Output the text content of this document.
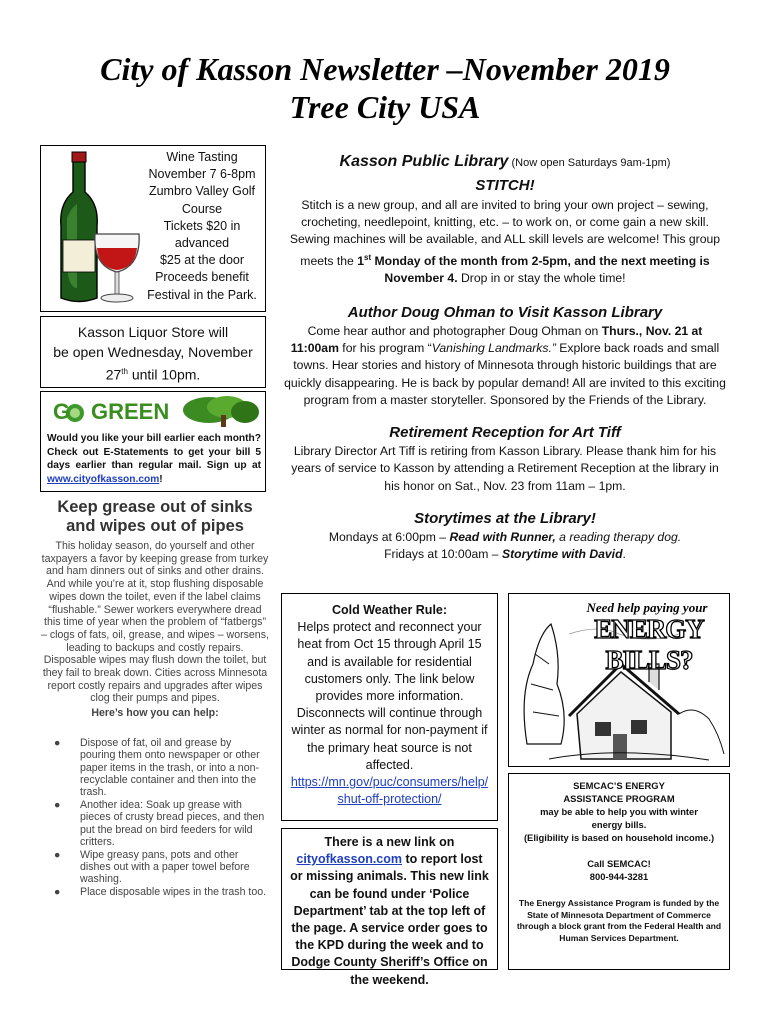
City of Kasson Newsletter –November 2019
Tree City USA
Wine Tasting
November 7 6-8pm
Zumbro Valley Golf
Course
Tickets $20 in
advanced
$25 at the door
Proceeds benefit
Festival in the Park.
Kasson Liquor Store will
be open Wednesday, November
27th until 10pm.
G GREEN
Would you like your bill earlier each month? Check out E-Statements to get your bill 5 days earlier than regular mail. Sign up at www.cityofkasson.com!
Keep grease out of sinks
and wipes out of pipes
This holiday season, do yourself and other taxpayers a favor by keeping grease from turkey and ham dinners out of sinks and other drains. And while you’re at it, stop flushing disposable wipes down the toilet, even if the label claims “flushable.” Sewer workers everywhere dread this time of year when the problem of “fatbergs” – clogs of fats, oil, grease, and wipes – worsens, leading to backups and costly repairs. Disposable wipes may flush down the toilet, but they fail to break down. Cities across Minnesota report costly repairs and upgrades after wipes clog their pumps and pipes.
Here’s how you can help:
● Dispose of fat, oil and grease by pouring them onto newspaper or other paper items in the trash, or into a non-recyclable container and then into the trash.
● Another idea: Soak up grease with pieces of crusty bread pieces, and then put the bread on bird feeders for wild critters.
● Wipe greasy pans, pots and other dishes out with a paper towel before washing.
● Place disposable wipes in the trash too.
Kasson Public Library (Now open Saturdays 9am-1pm)
STITCH!
Stitch is a new group, and all are invited to bring your own project – sewing, crocheting, needlepoint, knitting, etc. – to work on, or come gain a new skill. Sewing machines will be available, and ALL skill levels are welcome! This group meets the 1st Monday of the month from 2-5pm, and the next meeting is November 4. Drop in or stay the whole time!
Author Doug Ohman to Visit Kasson Library
Come hear author and photographer Doug Ohman on Thurs., Nov. 21 at 11:00am for his program “Vanishing Landmarks.” Explore back roads and small towns. Hear stories and history of Minnesota through historic buildings that are quickly disappearing. He is back by popular demand! All are invited to this exciting program from a master storyteller. Sponsored by the Friends of the Library.
Retirement Reception for Art Tiff
Library Director Art Tiff is retiring from Kasson Library. Please thank him for his years of service to Kasson by attending a Retirement Reception at the library in his honor on Sat., Nov. 23 from 11am – 1pm.
Storytimes at the Library!
Mondays at 6:00pm – Read with Runner, a reading therapy dog.
Fridays at 10:00am – Storytime with David.
Cold Weather Rule:
Helps protect and reconnect your heat from Oct 15 through April 15 and is available for residential customers only. The link below provides more information. Disconnects will continue through winter as normal for non-payment if the primary heat source is not affected.
https://mn.gov/puc/consumers/help/shut-off-protection/
There is a new link on
cityofkasson.com to report lost or missing animals. This new link can be found under ‘Police Department’ tab at the top left of the page. A service order goes to the KPD during the week and to Dodge County Sheriff’s Office on the weekend.
Need help paying your
ENERGY BILLS?
SEMCAC’S ENERGY
ASSISTANCE PROGRAM
may be able to help you with winter energy bills.
(Eligibility is based on household income.)
Call SEMCAC!
800-944-3281
The Energy Assistance Program is funded by the State of Minnesota Department of Commerce through a block grant from the Federal Health and Human Services Department.
